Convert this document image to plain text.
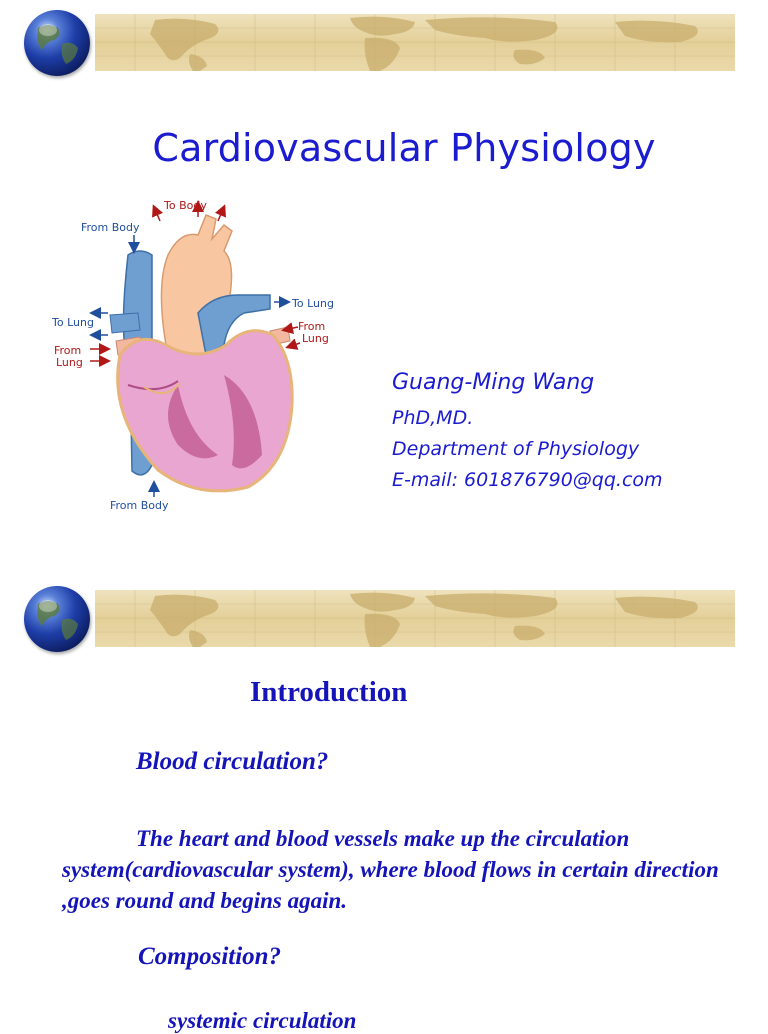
Cardiovascular Physiology
To Body
From Body
To Lung
From
Lung
To Lung
From
Lung
From Body
Guang-Ming Wang
PhD,MD.
Department of Physiology
E-mail: 601876790@qq.com
Introduction
Blood circulation?
The heart and blood vessels make up the circulation system(cardiovascular system), where blood flows in certain direction ,goes round and begins again.
Composition?
systemic circulation
